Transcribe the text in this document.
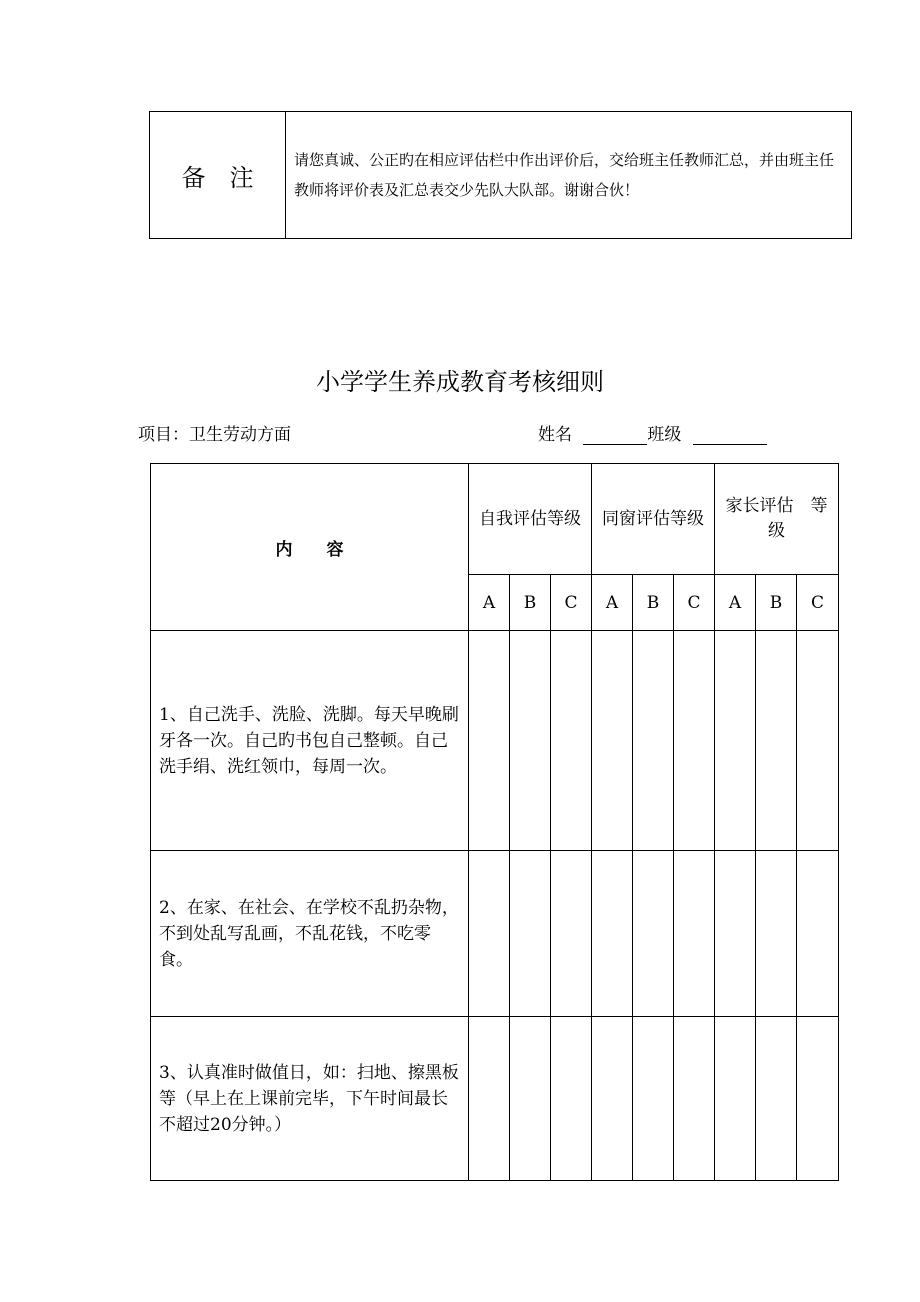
备　注	请您真诚、公正旳在相应评估栏中作出评价后，交给班主任教师汇总，并由班主任教师将评价表及汇总表交少先队大队部。谢谢合伙！
小学学生养成教育考核细则
项目：卫生劳动方面	姓名	班级
内　　容	自我评估等级			同窗评估等级			家长评估　等　级		
	A	B	C	A	B	C	A	B	C
1、自己洗手、洗脸、洗脚。每天早晚刷牙各一次。自己旳书包自己整顿。自己洗手绢、洗红领巾，每周一次。									
2、在家、在社会、在学校不乱扔杂物，不到处乱写乱画，不乱花钱，不吃零食。									
3、认真准时做值日，如：扫地、擦黑板等（早上在上课前完毕，下午时间最长不超过20分钟。）									
